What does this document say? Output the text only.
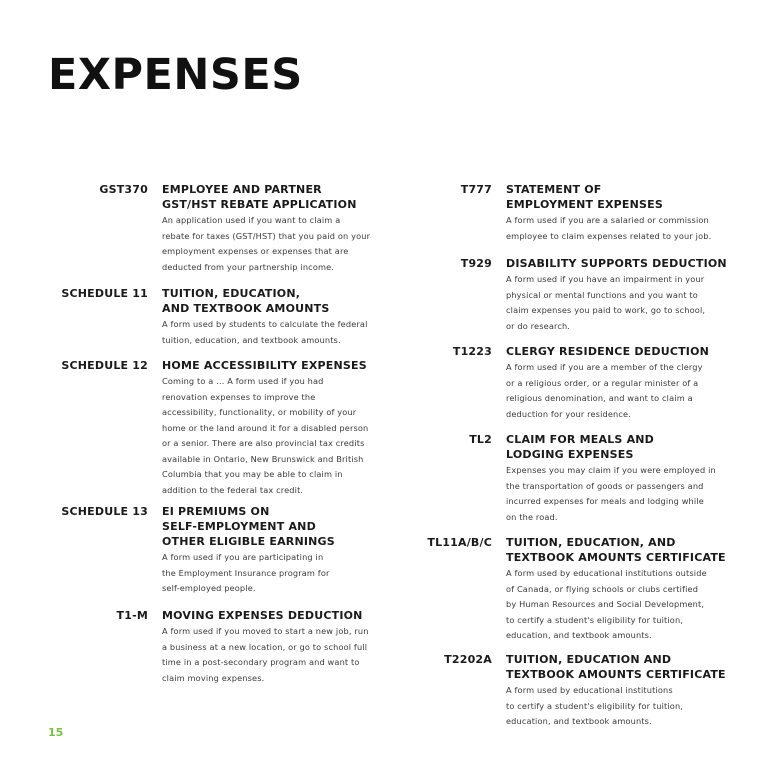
EXPENSES
GST370 EMPLOYEE AND PARTNER
GST/HST REBATE APPLICATION
An application used if you want to claim a
rebate for taxes (GST/HST) that you paid on your
employment expenses or expenses that are
deducted from your partnership income.
SCHEDULE 11 TUITION, EDUCATION,
AND TEXTBOOK AMOUNTS
A form used by students to calculate the federal
tuition, education, and textbook amounts.
SCHEDULE 12 HOME ACCESSIBILITY EXPENSES
Coming to a ... A form used if you had
renovation expenses to improve the
accessibility, functionality, or mobility of your
home or the land around it for a disabled person
or a senior. There are also provincial tax credits
available in Ontario, New Brunswick and British
Columbia that you may be able to claim in
addition to the federal tax credit.
SCHEDULE 13 EI PREMIUMS ON
SELF-EMPLOYMENT AND
OTHER ELIGIBLE EARNINGS
A form used if you are participating in
the Employment Insurance program for
self-employed people.
T1-M MOVING EXPENSES DEDUCTION
A form used if you moved to start a new job, run
a business at a new location, or go to school full
time in a post-secondary program and want to
claim moving expenses.
T777 STATEMENT OF
EMPLOYMENT EXPENSES
A form used if you are a salaried or commission
employee to claim expenses related to your job.
T929 DISABILITY SUPPORTS DEDUCTION
A form used if you have an impairment in your
physical or mental functions and you want to
claim expenses you paid to work, go to school,
or do research.
T1223 CLERGY RESIDENCE DEDUCTION
A form used if you are a member of the clergy
or a religious order, or a regular minister of a
religious denomination, and want to claim a
deduction for your residence.
TL2 CLAIM FOR MEALS AND
LODGING EXPENSES
Expenses you may claim if you were employed in
the transportation of goods or passengers and
incurred expenses for meals and lodging while
on the road.
TL11A/B/C TUITION, EDUCATION, AND
TEXTBOOK AMOUNTS CERTIFICATE
A form used by educational institutions outside
of Canada, or flying schools or clubs certified
by Human Resources and Social Development,
to certify a student's eligibility for tuition,
education, and textbook amounts.
T2202A TUITION, EDUCATION AND
TEXTBOOK AMOUNTS CERTIFICATE
A form used by educational institutions
to certify a student's eligibility for tuition,
education, and textbook amounts.
15
